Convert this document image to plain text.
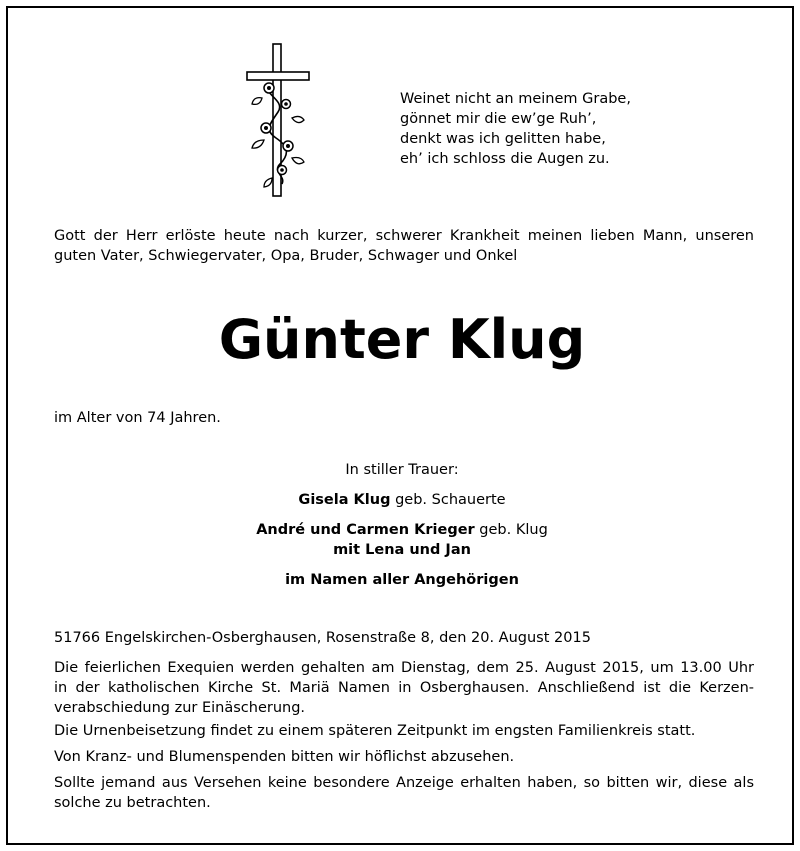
Weinet nicht an meinem Grabe,
gönnet mir die ew’ge Ruh’,
denkt was ich gelitten habe,
eh’ ich schloss die Augen zu.
Gott der Herr erlöste heute nach kurzer, schwerer Krankheit meinen lieben Mann, unseren
guten Vater, Schwiegervater, Opa, Bruder, Schwager und Onkel
Günter Klug
im Alter von 74 Jahren.
In stiller Trauer:
Gisela Klug geb. Schauerte
André und Carmen Krieger geb. Klug
mit Lena und Jan
im Namen aller Angehörigen
51766 Engelskirchen-Osberghausen, Rosenstraße 8, den 20. August 2015
Die feierlichen Exequien werden gehalten am Dienstag, dem 25. August 2015, um 13.00 Uhr
in der katholischen Kirche St. Mariä Namen in Osberghausen. Anschließend ist die Kerzen-
verabschiedung zur Einäscherung.
Die Urnenbeisetzung findet zu einem späteren Zeitpunkt im engsten Familienkreis statt.
Von Kranz- und Blumenspenden bitten wir höflichst abzusehen.
Sollte jemand aus Versehen keine besondere Anzeige erhalten haben, so bitten wir, diese als
solche zu betrachten.
